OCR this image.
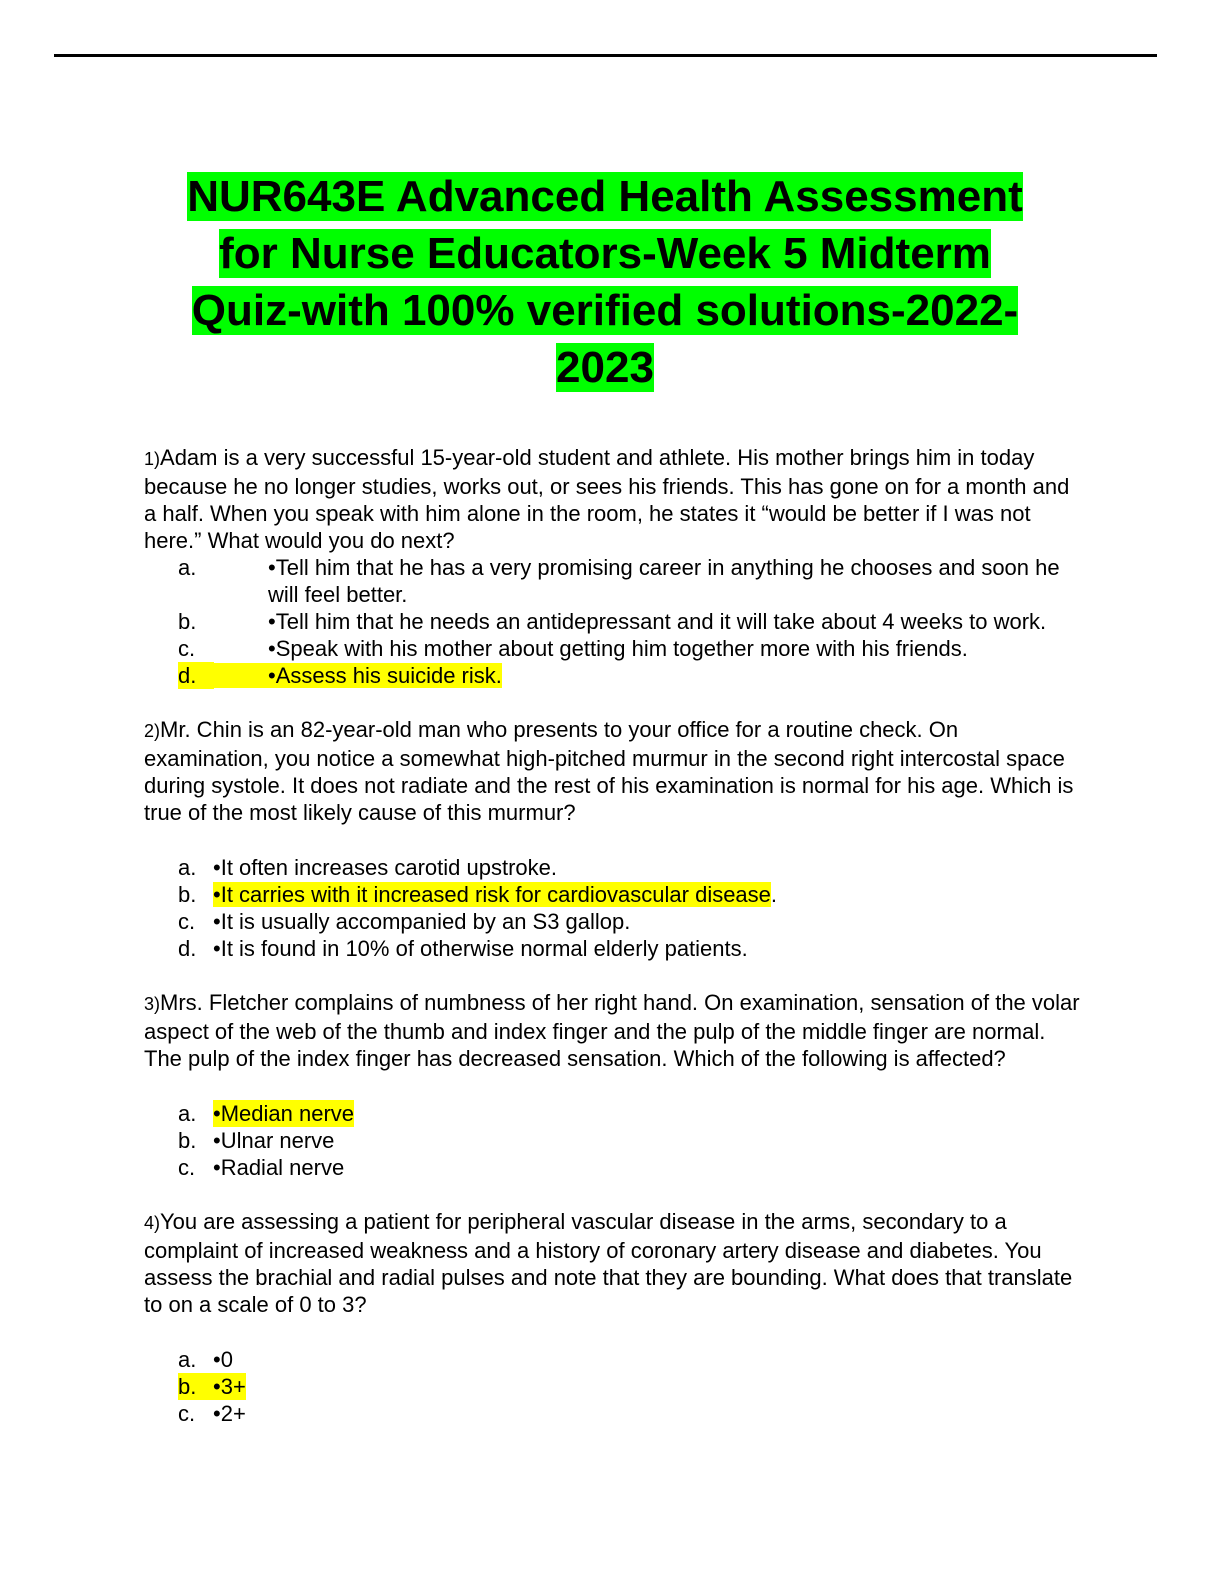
NUR643E Advanced Health Assessment
for Nurse Educators-Week 5 Midterm
Quiz-with 100% verified solutions-2022-
2023

1)Adam is a very successful 15-year-old student and athlete. His mother brings him in today because he no longer studies, works out, or sees his friends. This has gone on for a month and a half. When you speak with him alone in the room, he states it “would be better if I was not here.” What would you do next?

a.	•Tell him that he has a very promising career in anything he chooses and soon he will feel better.
b.	•Tell him that he needs an antidepressant and it will take about 4 weeks to work.
c.	•Speak with his mother about getting him together more with his friends.
d.	•Assess his suicide risk.

2)Mr. Chin is an 82-year-old man who presents to your office for a routine check. On examination, you notice a somewhat high-pitched murmur in the second right intercostal space during systole. It does not radiate and the rest of his examination is normal for his age. Which is true of the most likely cause of this murmur?

a. •It often increases carotid upstroke.
b. •It carries with it increased risk for cardiovascular disease.
c. •It is usually accompanied by an S3 gallop.
d. •It is found in 10% of otherwise normal elderly patients.

3)Mrs. Fletcher complains of numbness of her right hand. On examination, sensation of the volar aspect of the web of the thumb and index finger and the pulp of the middle finger are normal. The pulp of the index finger has decreased sensation. Which of the following is affected?

a. •Median nerve
b. •Ulnar nerve
c. •Radial nerve

4)You are assessing a patient for peripheral vascular disease in the arms, secondary to a complaint of increased weakness and a history of coronary artery disease and diabetes. You assess the brachial and radial pulses and note that they are bounding. What does that translate to on a scale of 0 to 3?

a. •0
b. •3+
c. •2+
